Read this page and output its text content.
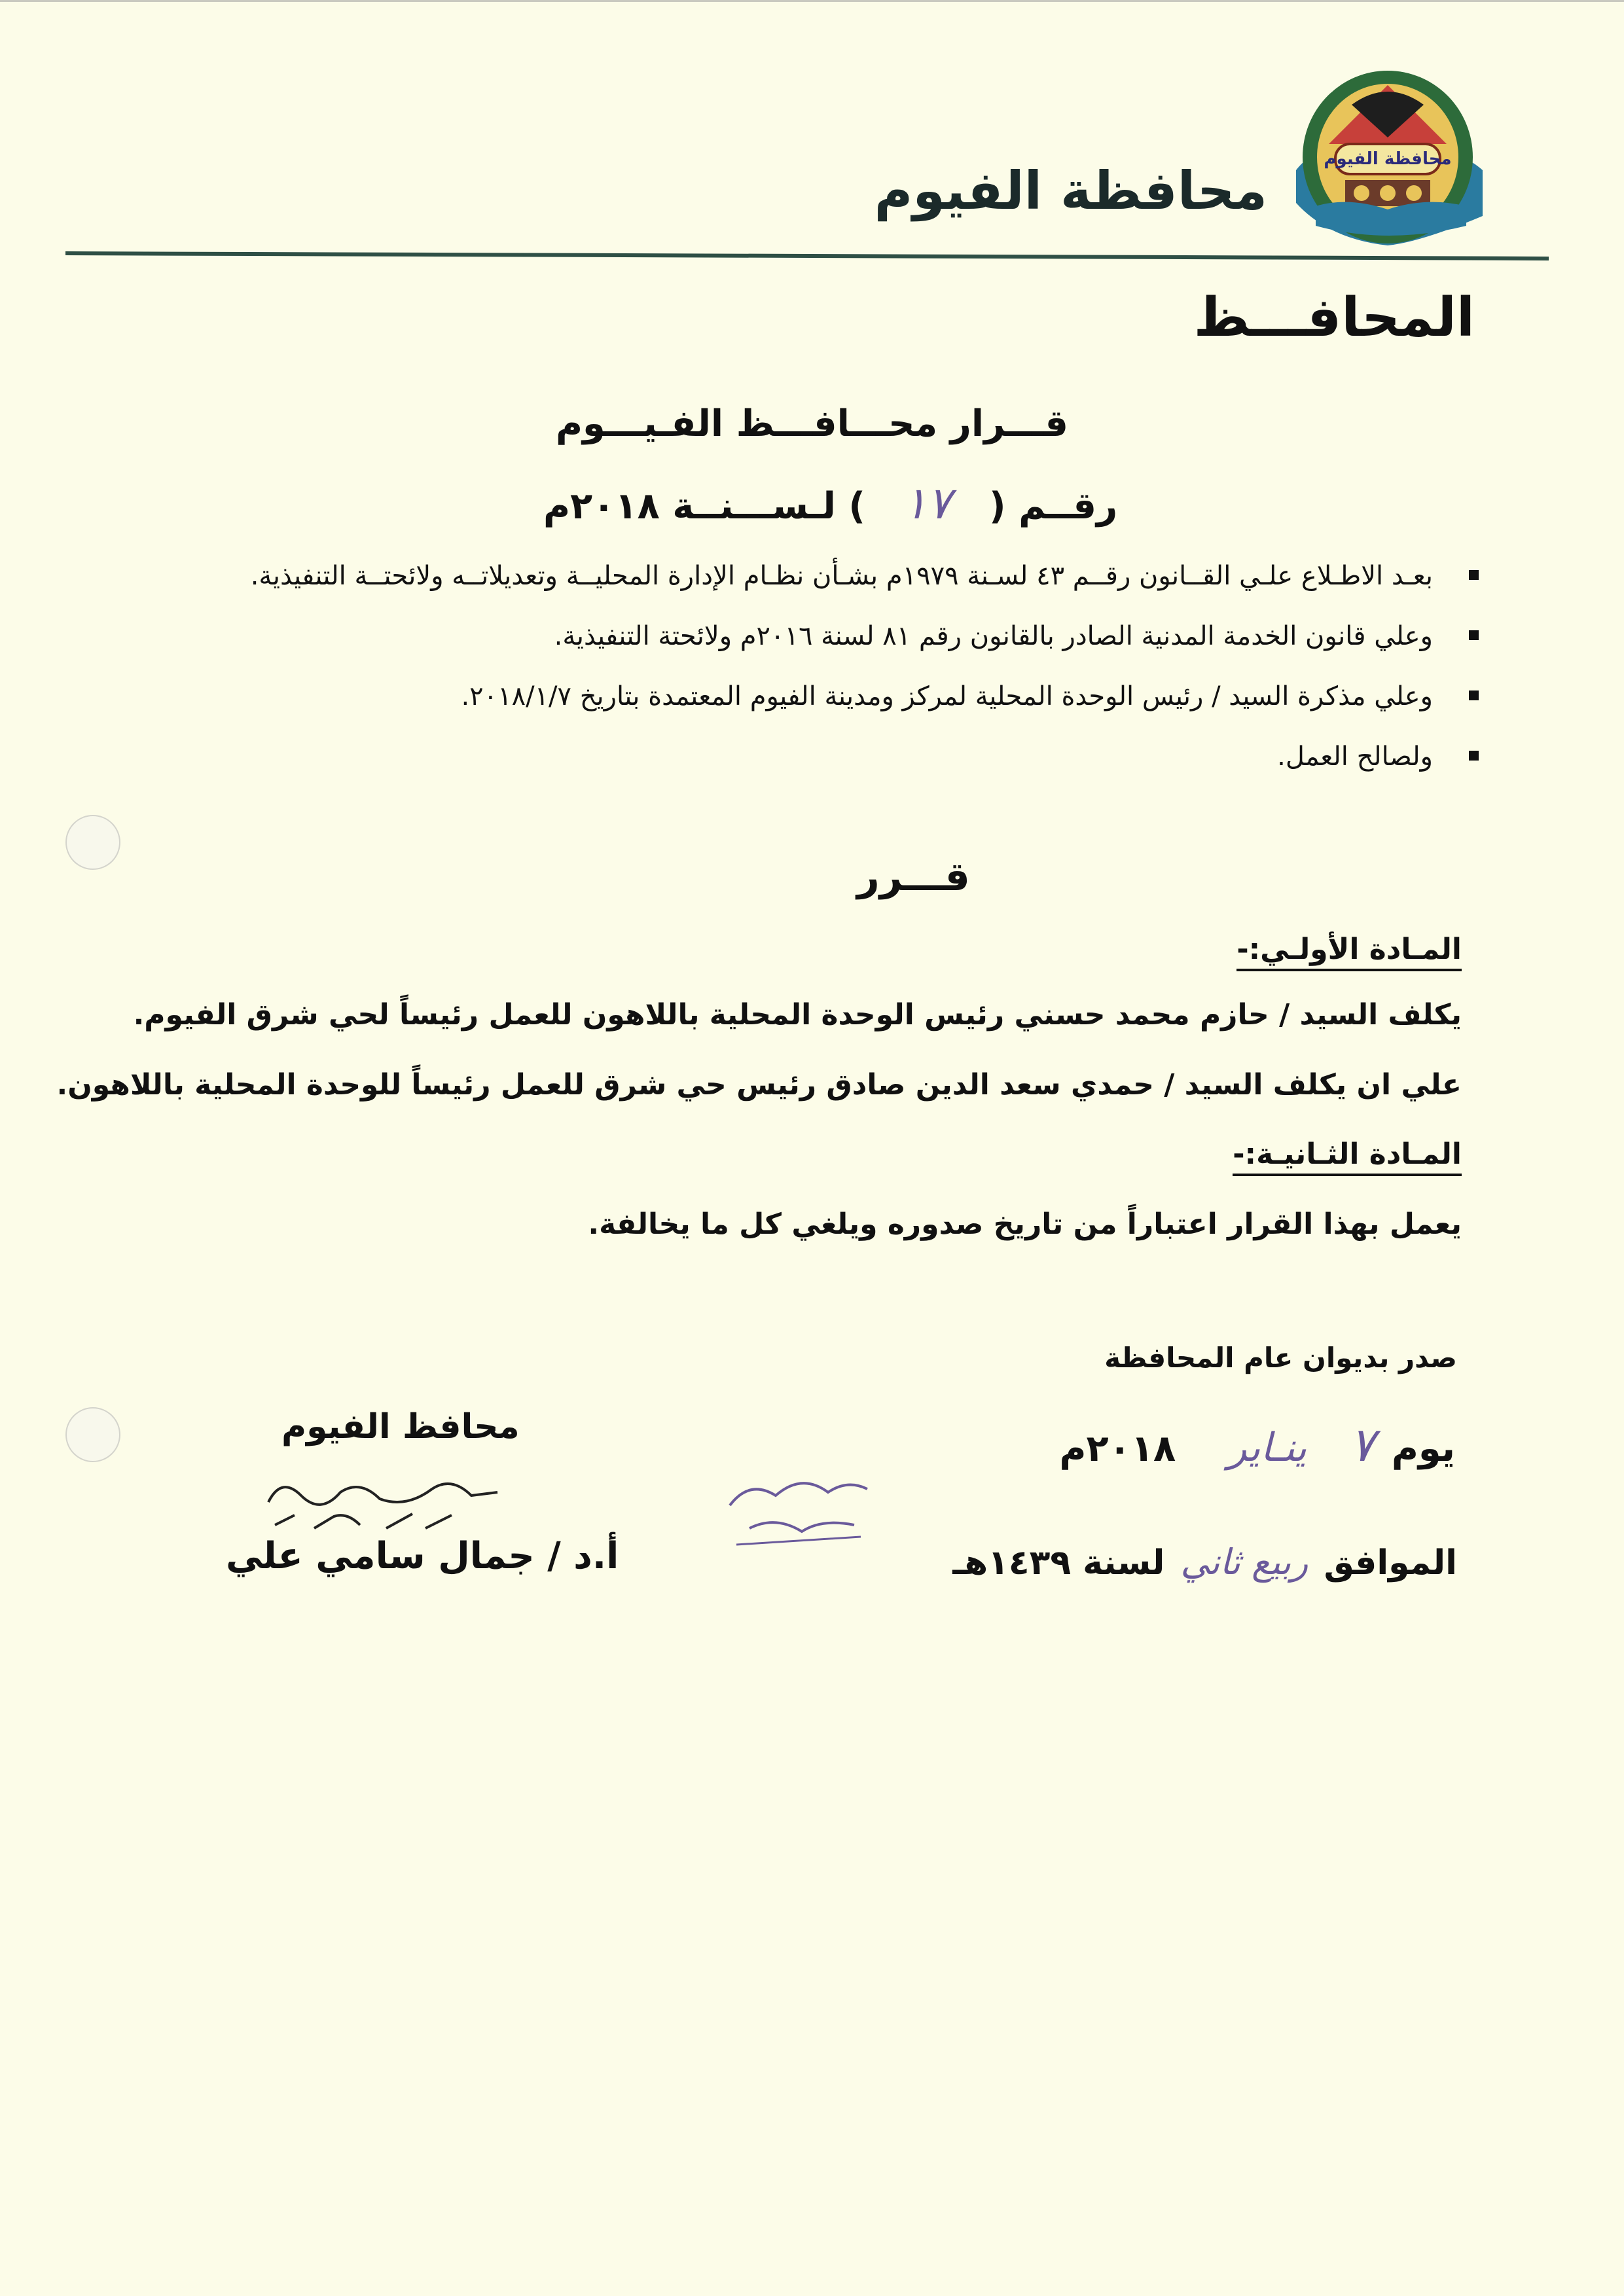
محافظة الفيوم
محافظة الفيوم
المحافـــظ
قـــرار محـــافـــظ الفـيـــوم
رقــم ( ١٧ ) لـســـنــة ٢٠١٨م
بعـد الاطـلاع علـي القــانون رقــم ٤٣ لسـنة ١٩٧٩م بشـأن نظـام الإدارة المحليــة وتعديلاتــه ولائحتــة التنفيذية.
وعلي قانون الخدمة المدنية الصادر بالقانون رقم ٨١ لسنة ٢٠١٦م ولائحتة التنفيذية.
وعلي مذكرة السيد / رئيس الوحدة المحلية لمركز ومدينة الفيوم المعتمدة بتاريخ ٢٠١٨/١/٧.
ولصالح العمل.
قـــرر
المـادة الأولـي:-
يكلف السيد / حازم محمد حسني رئيس الوحدة المحلية باللاهون للعمل رئيساً لحي شرق الفيوم.
علي ان يكلف السيد / حمدي سعد الدين صادق رئيس حي شرق للعمل رئيساً للوحدة المحلية باللاهون.
المـادة الثـانيـة:-
يعمل بهذا القرار اعتباراً من تاريخ صدوره ويلغي كل ما يخالفة.
صدر بديوان عام المحافظة
يوم ٧ ينـاير ٢٠١٨م
الموافق ربيع ثاني لسنة ١٤٣٩هـ
محافظ الفيوم
أ.د / جمال سامي علي
